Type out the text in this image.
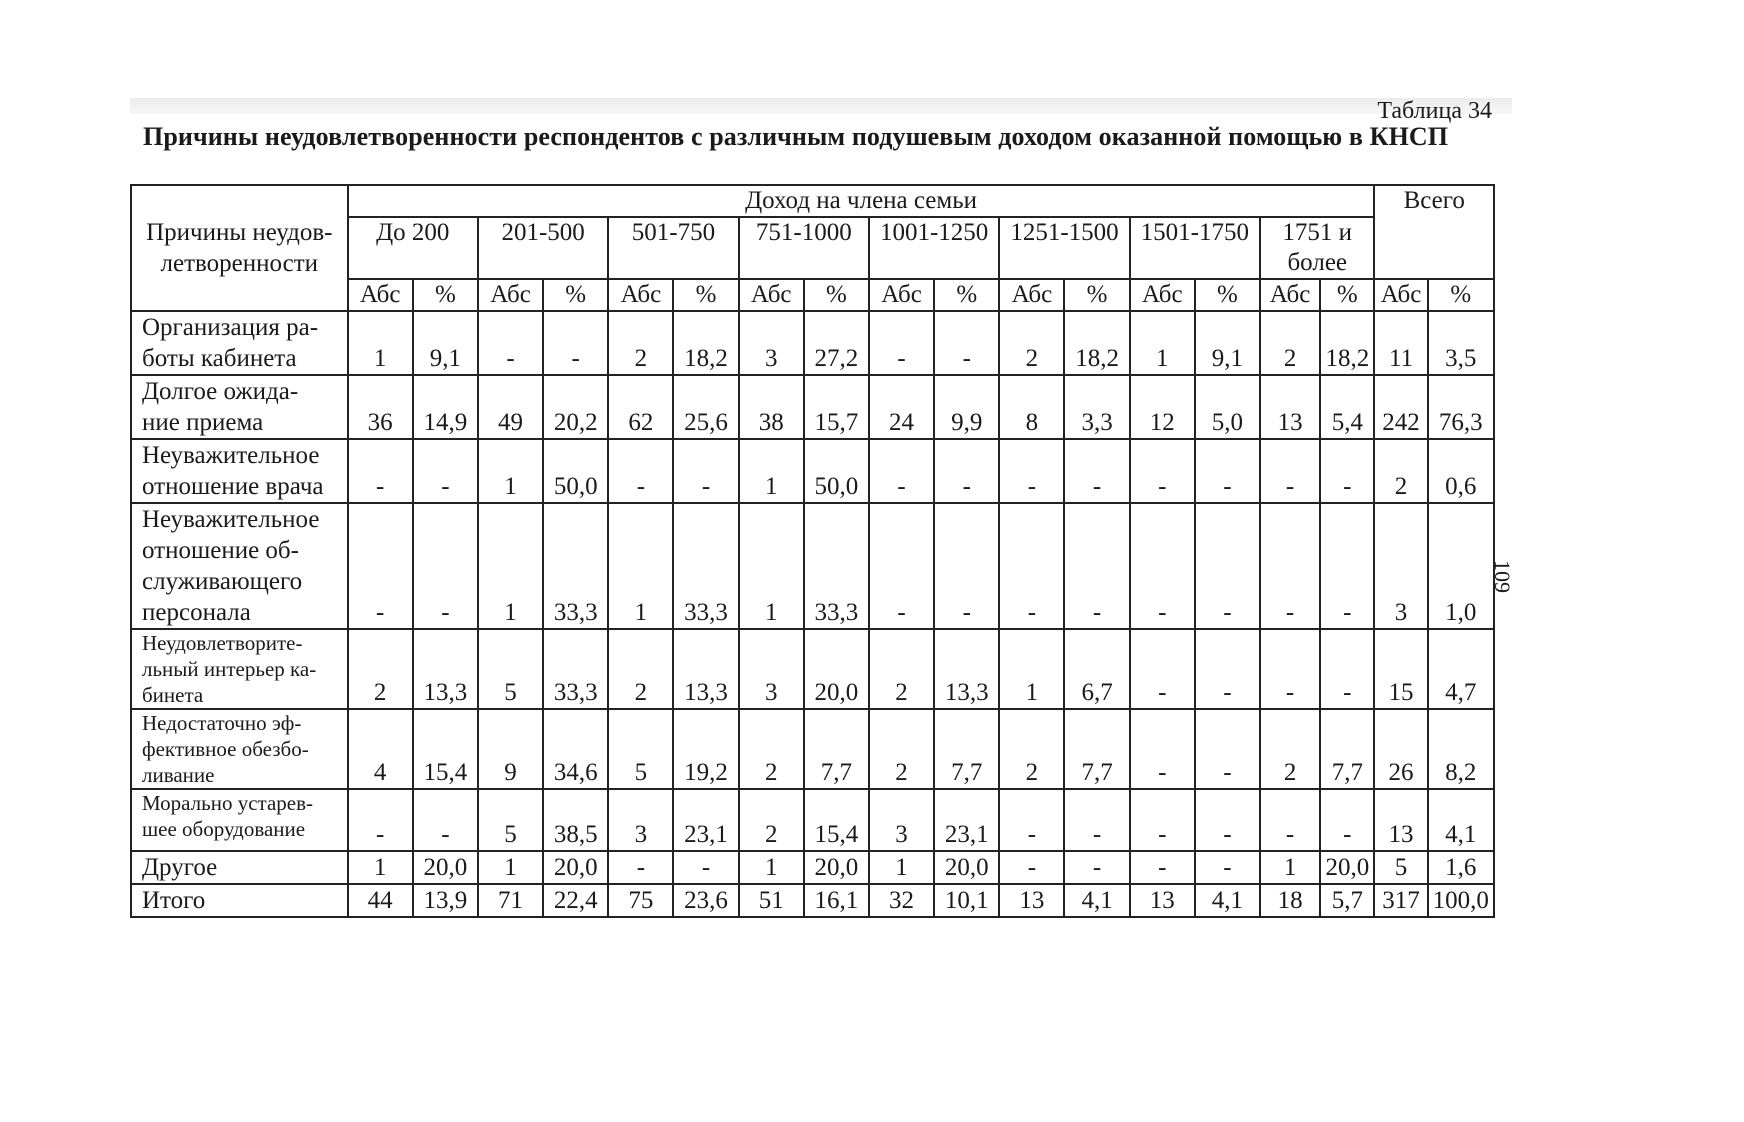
Таблица 34
Причины неудовлетворенности респондентов с различным подушевым доходом оказанной помощью в КНСП
109
Причины неудов-
летворенности	Доход на члена семьи																Всего	
	До 200		201-500		501-750		751-1000		1001-1250		1251-1500		1501-1750		1751 и
более			
	Абс	%	Абс	%	Абс	%	Абс	%	Абс	%	Абс	%	Абс	%	Абс	%	Абс	%
Организация ра-
боты кабинета	1	9,1	-	-	2	18,2	3	27,2	-	-	2	18,2	1	9,1	2	18,2	11	3,5
Долгое ожида-
ние приема	36	14,9	49	20,2	62	25,6	38	15,7	24	9,9	8	3,3	12	5,0	13	5,4	242	76,3
Неуважительное
отношение врача	-	-	1	50,0	-	-	1	50,0	-	-	-	-	-	-	-	-	2	0,6
Неуважительное
отношение об-
служивающего
персонала	-	-	1	33,3	1	33,3	1	33,3	-	-	-	-	-	-	-	-	3	1,0
Неудовлетворите-
льный интерьер ка-
бинета	2	13,3	5	33,3	2	13,3	3	20,0	2	13,3	1	6,7	-	-	-	-	15	4,7
Недостаточно эф-
фективное обезбо-
ливание	4	15,4	9	34,6	5	19,2	2	7,7	2	7,7	2	7,7	-	-	2	7,7	26	8,2
Морально устарев-
шее оборудование	-	-	5	38,5	3	23,1	2	15,4	3	23,1	-	-	-	-	-	-	13	4,1
Другое	1	20,0	1	20,0	-	-	1	20,0	1	20,0	-	-	-	-	1	20,0	5	1,6
Итого	44	13,9	71	22,4	75	23,6	51	16,1	32	10,1	13	4,1	13	4,1	18	5,7	317	100,0
